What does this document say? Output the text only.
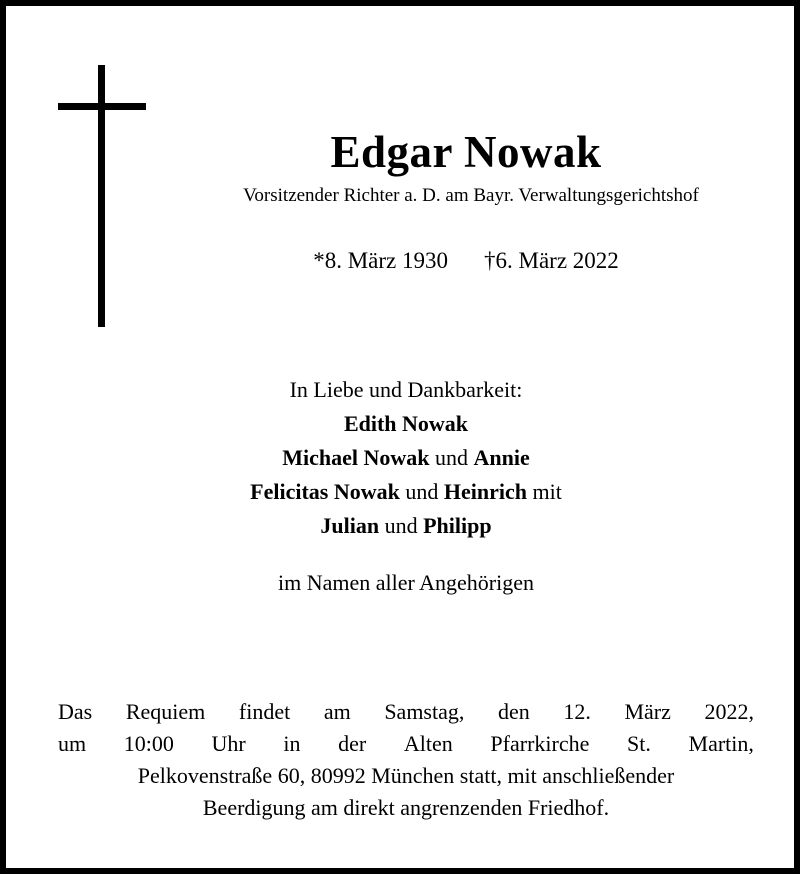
Edgar Nowak
Vorsitzender Richter a. D. am Bayr. Verwaltungsgerichtshof
*8. März 1930 †6. März 2022
In Liebe und Dankbarkeit:
Edith Nowak
Michael Nowak und Annie
Felicitas Nowak und Heinrich mit
Julian und Philipp
im Namen aller Angehörigen
Das Requiem findet am Samstag, den 12. März 2022,
um 10:00 Uhr in der Alten Pfarrkirche St. Martin,
Pelkovenstraße 60, 80992 München statt, mit anschließender
Beerdigung am direkt angrenzenden Friedhof.
